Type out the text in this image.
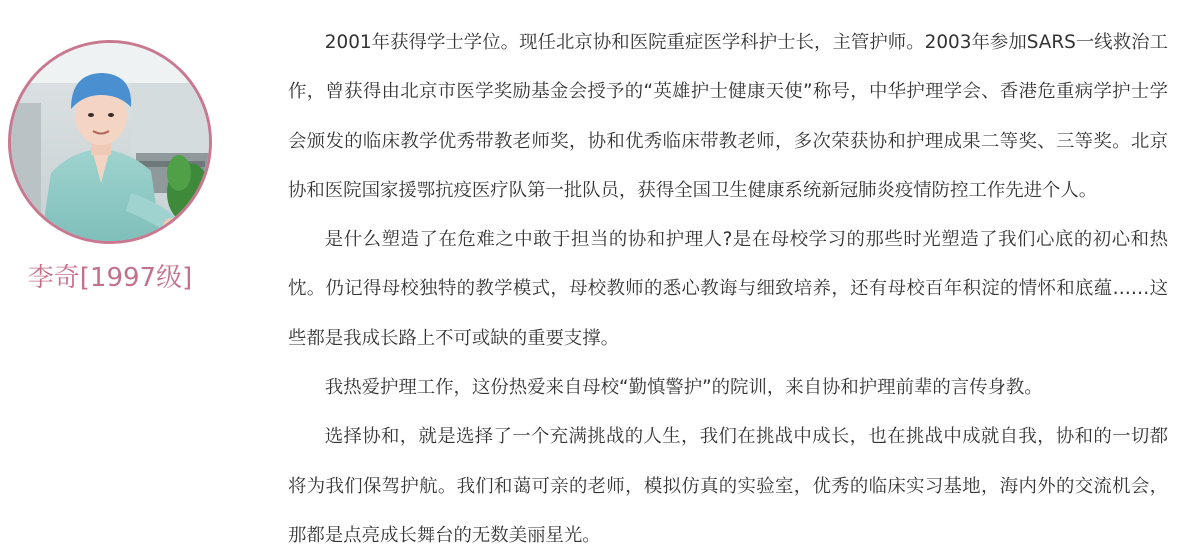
李奇[1997级]

2001年获得学士学位。现任北京协和医院重症医学科护士长，主管护师。2003年参加SARS一线救治工作，曾获得由北京市医学奖励基金会授予的“英雄护士健康天使”称号，中华护理学会、香港危重病学护士学会颁发的临床教学优秀带教老师奖，协和优秀临床带教老师，多次荣获协和护理成果二等奖、三等奖。北京协和医院国家援鄂抗疫医疗队第一批队员，获得全国卫生健康系统新冠肺炎疫情防控工作先进个人。

是什么塑造了在危难之中敢于担当的协和护理人?是在母校学习的那些时光塑造了我们心底的初心和热忱。仍记得母校独特的教学模式，母校教师的悉心教诲与细致培养，还有母校百年积淀的情怀和底蕴……这些都是我成长路上不可或缺的重要支撑。

我热爱护理工作，这份热爱来自母校“勤慎警护”的院训，来自协和护理前辈的言传身教。

选择协和，就是选择了一个充满挑战的人生，我们在挑战中成长，也在挑战中成就自我，协和的一切都将为我们保驾护航。我们和蔼可亲的老师，模拟仿真的实验室，优秀的临床实习基地，海内外的交流机会，那都是点亮成长舞台的无数美丽星光。
